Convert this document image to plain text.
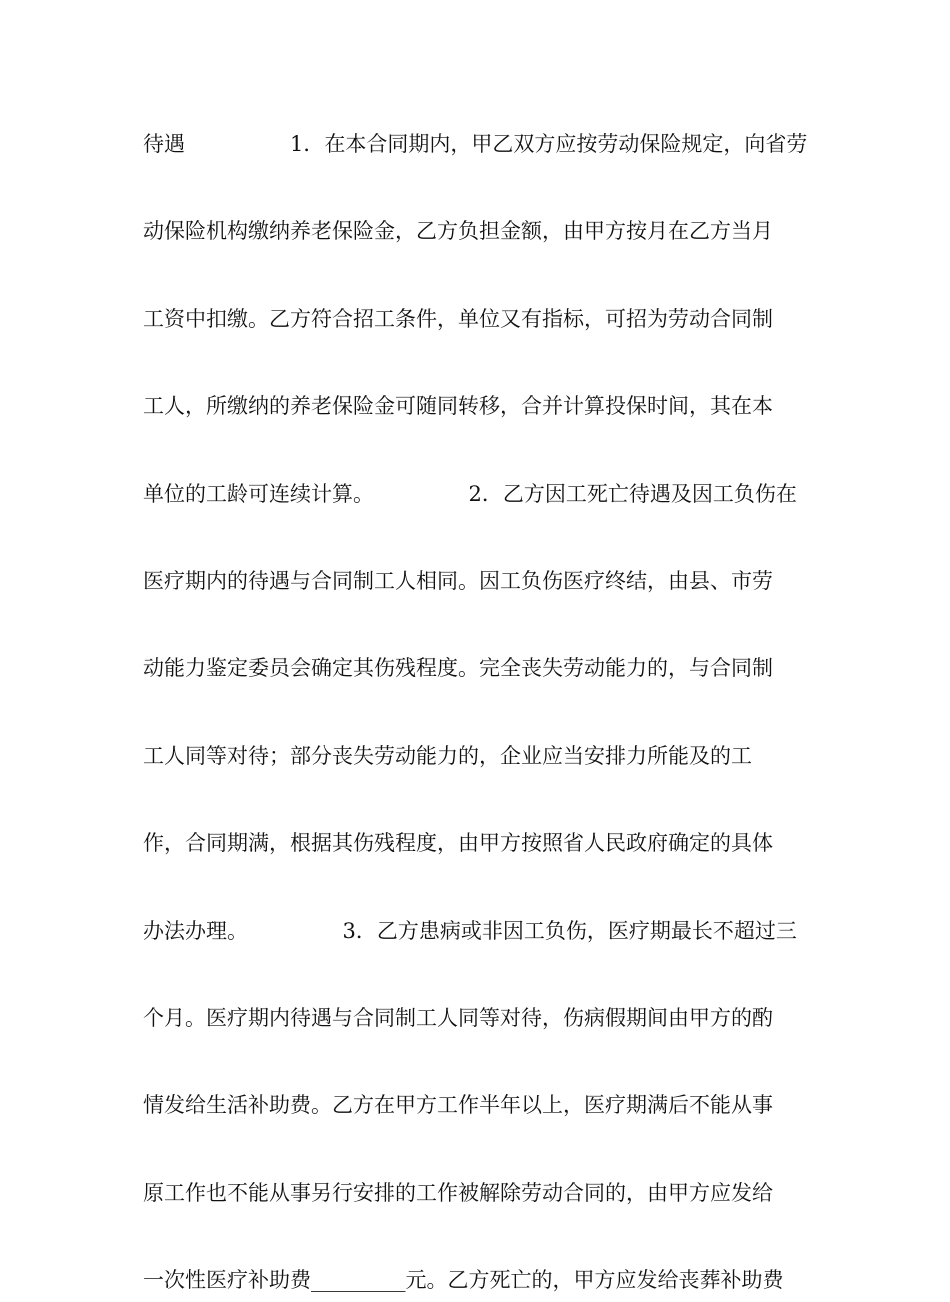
待遇　　　　　1．在本合同期内，甲乙双方应按劳动保险规定，向省劳
动保险机构缴纳养老保险金，乙方负担金额，由甲方按月在乙方当月
工资中扣缴。乙方符合招工条件，单位又有指标，可招为劳动合同制
工人，所缴纳的养老保险金可随同转移，合并计算投保时间，其在本
单位的工龄可连续计算。　　　　　2．乙方因工死亡待遇及因工负伤在
医疗期内的待遇与合同制工人相同。因工负伤医疗终结，由县、市劳
动能力鉴定委员会确定其伤残程度。完全丧失劳动能力的，与合同制
工人同等对待；部分丧失劳动能力的，企业应当安排力所能及的工
作，合同期满，根据其伤残程度，由甲方按照省人民政府确定的具体
办法办理。　　　　　3．乙方患病或非因工负伤，医疗期最长不超过三
个月。医疗期内待遇与合同制工人同等对待，伤病假期间由甲方的酌
情发给生活补助费。乙方在甲方工作半年以上，医疗期满后不能从事
原工作也不能从事另行安排的工作被解除劳动合同的，由甲方应发给
一次性医疗补助费_________元。乙方死亡的，甲方应发给丧葬补助费
